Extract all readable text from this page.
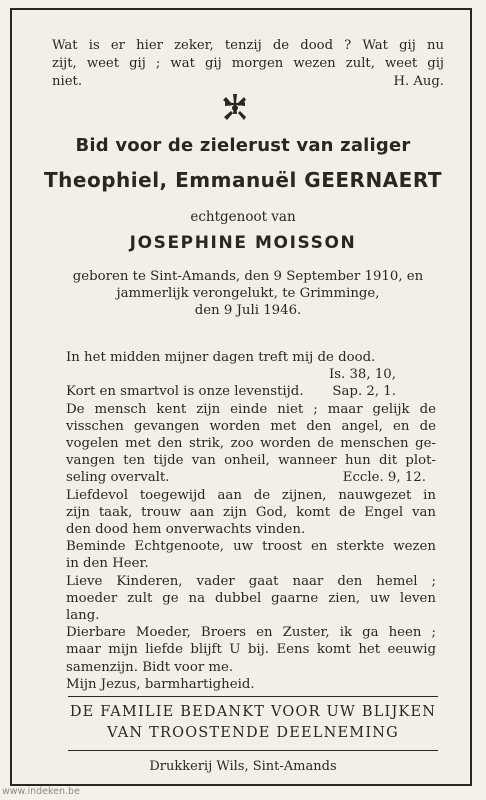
Wat is er hier zeker, tenzij de dood ? Wat gij nu
zijt, weet gij ; wat gij morgen wezen zult, weet gij
niet.	H. Aug.
Bid voor de zielerust van zaliger
Theophiel, Emmanuël GEERNAERT
echtgenoot van
JOSEPHINE MOISSON
geboren te Sint-Amands, den 9 September 1910, en
jammerlijk verongelukt, te Grimminge,
den 9 Juli 1946.
In het midden mijner dagen treft mij de dood.
Is. 38, 10,
Kort en smartvol is onze levenstijd. Sap. 2, 1.
De mensch kent zijn einde niet ; maar gelijk de
visschen gevangen worden met den angel, en de
vogelen met den strik, zoo worden de menschen ge-
vangen ten tijde van onheil, wanneer hun dit plot-
seling overvalt.	Eccle. 9, 12.
Liefdevol toegewijd aan de zijnen, nauwgezet in
zijn taak, trouw aan zijn God, komt de Engel van
den dood hem onverwachts vinden.
Beminde Echtgenoote, uw troost en sterkte wezen
in den Heer.
Lieve Kinderen, vader gaat naar den hemel ;
moeder zult ge na dubbel gaarne zien, uw leven
lang.
Dierbare Moeder, Broers en Zuster, ik ga heen ;
maar mijn liefde blijft U bij. Eens komt het eeuwig
samenzijn. Bidt voor me.
Mijn Jezus, barmhartigheid.
DE FAMILIE BEDANKT VOOR UW BLIJKEN
VAN TROOSTENDE DEELNEMING
Drukkerij Wils, Sint-Amands
www.indeken.be
